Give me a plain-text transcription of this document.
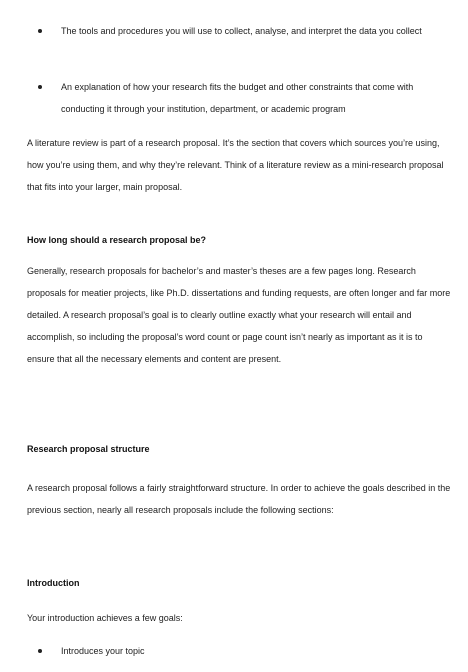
The tools and procedures you will use to collect, analyse, and interpret the data you collect
An explanation of how your research fits the budget and other constraints that come with conducting it through your institution, department, or academic program

A literature review is part of a research proposal. It’s the section that covers which sources you’re using, how you’re using them, and why they’re relevant. Think of a literature review as a mini-research proposal that fits into your larger, main proposal.

How long should a research proposal be?

Generally, research proposals for bachelor’s and master’s theses are a few pages long. Research proposals for meatier projects, like Ph.D. dissertations and funding requests, are often longer and far more detailed. A research proposal’s goal is to clearly outline exactly what your research will entail and accomplish, so including the proposal’s word count or page count isn’t nearly as important as it is to ensure that all the necessary elements and content are present.

Research proposal structure

A research proposal follows a fairly straightforward structure. In order to achieve the goals described in the previous section, nearly all research proposals include the following sections:

Introduction

Your introduction achieves a few goals:

Introduces your topic
